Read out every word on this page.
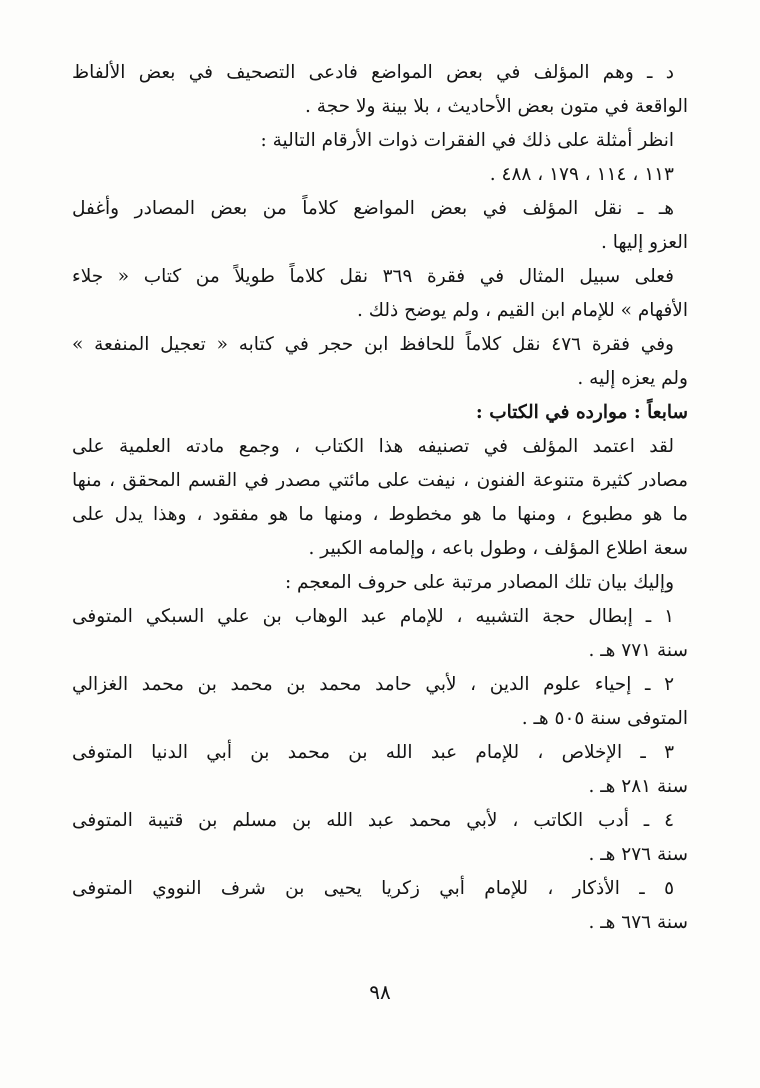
د ـ وهم المؤلف في بعض المواضع فادعى التصحيف في بعض الألفاظ
الواقعة في متون بعض الأحاديث ، بلا بينة ولا حجة .
انظر أمثلة على ذلك في الفقرات ذوات الأرقام التالية :
١١٣ ، ١١٤ ، ١٧٩ ، ٤٨٨ .
هـ ـ نقل المؤلف في بعض المواضع كلاماً من بعض المصادر وأغفل
العزو إليها .
فعلى سبيل المثال في فقرة ٣٦٩ نقل كلاماً طويلاً من كتاب « جلاء
الأفهام » للإمام ابن القيم ، ولم يوضح ذلك .
وفي فقرة ٤٧٦ نقل كلاماً للحافظ ابن حجر في كتابه « تعجيل المنفعة »
ولم يعزه إليه .
سابعاً : موارده في الكتاب :
لقد اعتمد المؤلف في تصنيفه هذا الكتاب ، وجمع مادته العلمية على
مصادر كثيرة متنوعة الفنون ، نيفت على مائتي مصدر في القسم المحقق ، منها
ما هو مطبوع ، ومنها ما هو مخطوط ، ومنها ما هو مفقود ، وهذا يدل على
سعة اطلاع المؤلف ، وطول باعه ، وإلمامه الكبير .
وإليك بيان تلك المصادر مرتبة على حروف المعجم :
١ ـ إبطال حجة التشبيه ، للإمام عبد الوهاب بن علي السبكي المتوفى
سنة ٧٧١ هـ .
٢ ـ إحياء علوم الدين ، لأبي حامد محمد بن محمد بن محمد الغزالي
المتوفى سنة ٥٠٥ هـ .
٣ ـ الإخلاص ، للإمام عبد الله بن محمد بن أبي الدنيا المتوفى
سنة ٢٨١ هـ .
٤ ـ أدب الكاتب ، لأبي محمد عبد الله بن مسلم بن قتيبة المتوفى
سنة ٢٧٦ هـ .
٥ ـ الأذكار ، للإمام أبي زكريا يحيى بن شرف النووي المتوفى
سنة ٦٧٦ هـ .
٩٨
